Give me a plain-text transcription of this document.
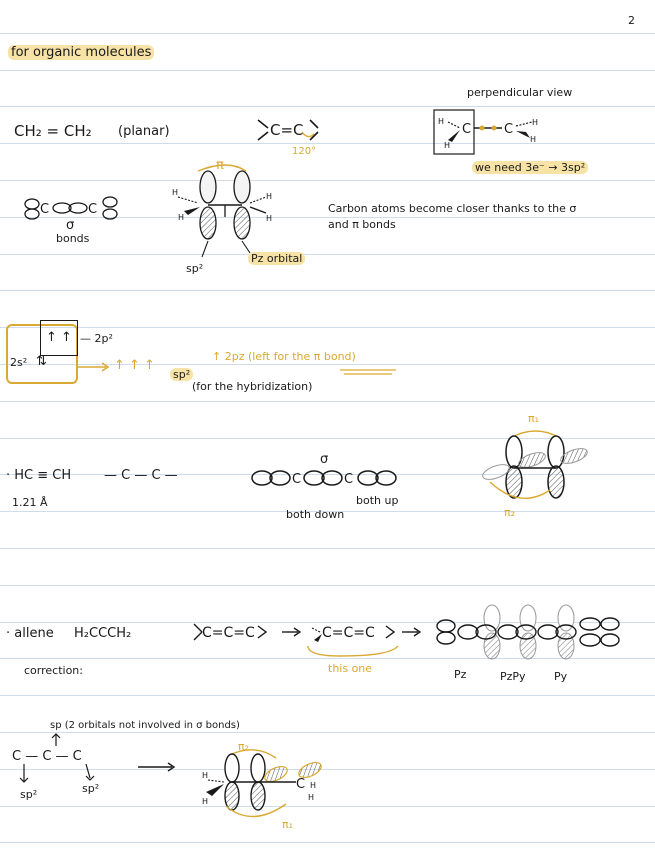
2
for organic molecules
CH₂ = CH₂ (planar)	C=C
120°
perpendicular view
H
H
C	C H
H
we need 3e⁻ → 3sp²
C	C
σ
bonds
π
H
H
H
H
sp²
Pz orbital
Carbon atoms become closer thanks to the σ
and π bonds
↑ ↑ — 2p²
2s² ⇅	↑ ↑ ↑
sp²
↑ 2pz (left for the π bond)
(for the hybridization)
· HC ≡ CH
1.21 Å
— C — C —	C	C
σ
both down
both up
π₁
π₂
· allene H₂CCCH₂
correction:
C=C=C	C=C=C
this one	Pz	PzPy	Py
sp (2 orbitals not involved in σ bonds)
C — C — C
sp²	sp²
π₂
H
H
C H
H
π₁
